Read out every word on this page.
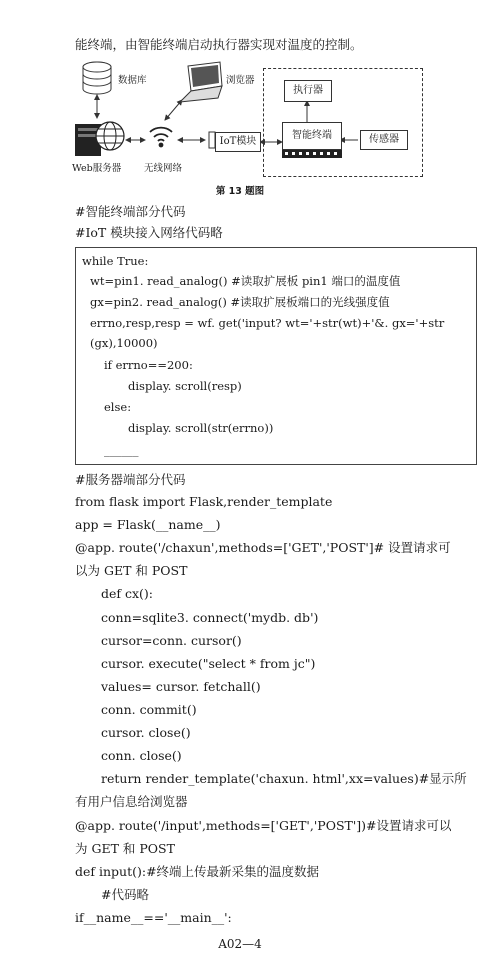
能终端，由智能终端启动执行器实现对温度的控制。
数据库	浏览器
Web服务器 无线网络
IoT模块
执行器
智能终端	传感器
第 13 题图
#智能终端部分代码
#IoT 模块接入网络代码略
while True:
wt=pin1. read_analog() #读取扩展板 pin1 端口的温度值
gx=pin2. read_analog() #读取扩展板端口的光线强度值
errno,resp,resp = wf. get('input? wt='+str(wt)+'&. gx='+str
(gx),10000)
if errno==200:
display. scroll(resp)
else:
display. scroll(str(errno))
______
#服务器端部分代码
from flask import Flask,render_template
app = Flask(__name__)
@app. route('/chaxun',methods=['GET','POST']# 设置请求可
以为 GET 和 POST
def cx():
conn=sqlite3. connect('mydb. db')
cursor=conn. cursor()
cursor. execute("select * from jc")
values= cursor. fetchall()
conn. commit()
cursor. close()
conn. close()
return render_template('chaxun. html',xx=values)#显示所
有用户信息给浏览器
@app. route('/input',methods=['GET','POST'])#设置请求可以
为 GET 和 POST
def input():#终端上传最新采集的温度数据
#代码略
if__name__=='__main__':
A02—4
